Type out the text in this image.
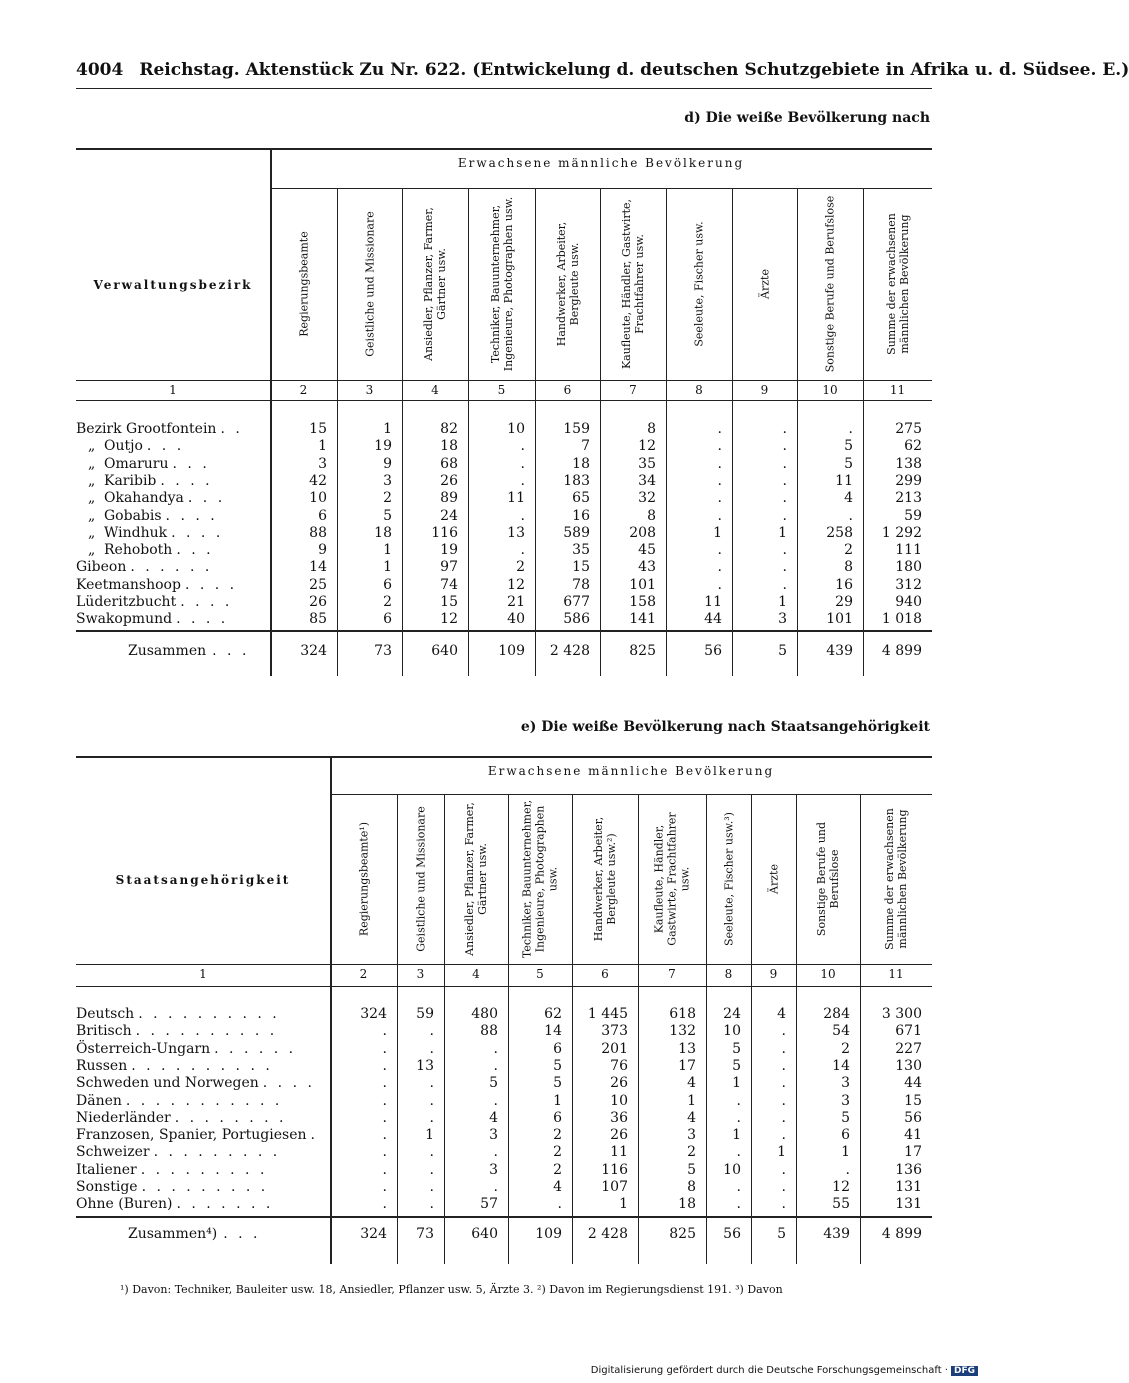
4004 Reichstag. Aktenstück Zu Nr. 622. (Entwickelung d. deutschen Schutzgebiete in Afrika u. d. Südsee. E.)
d) Die weiße Bevölkerung nach
Erwachsene männliche Bevölkerung
Verwaltungsbezirk	Regierungsbeamte	Geistliche und Missionare	Ansiedler, Pflanzer, Farmer, Gärtner usw.	Techniker, Bauunternehmer, Ingenieure, Photographen usw.	Handwerker, Arbeiter, Bergleute usw.	Kaufleute, Händler, Gastwirte, Frachtfahrer usw.	Seeleute, Fischer usw.	Ärzte	Sonstige Berufe und Berufslose	Summe der erwachsenen männlichen Bevölkerung
1	2	3	4	5	6	7	8	9	10	11
Bezirk Grootfontein . .	15	1	82	10	159	8	.	.	.	275
„ Outjo . . .	1	19	18	.	7	12	.	.	5	62
„ Omaruru . . .	3	9	68	.	18	35	.	.	5	138
„ Karibib . . . .	42	3	26	.	183	34	.	.	11	299
„ Okahandya . . .	10	2	89	11	65	32	.	.	4	213
„ Gobabis . . . .	6	5	24	.	16	8	.	.	.	59
„ Windhuk . . . .	88	18	116	13	589	208	1	1	258	1 292
„ Rehoboth . . .	9	1	19	.	35	45	.	.	2	111
Gibeon . . . . . .	14	1	97	2	15	43	.	.	8	180
Keetmanshoop . . . .	25	6	74	12	78	101	.	.	16	312
Lüderitzbucht . . . .	26	2	15	21	677	158	11	1	29	940
Swakopmund . . . .	85	6	12	40	586	141	44	3	101	1 018
Zusammen . . .	324	73	640	109	2 428	825	56	5	439	4 899
e) Die weiße Bevölkerung nach Staatsangehörigkeit
Erwachsene männliche Bevölkerung
Staatsangehörigkeit	Regierungsbeamte¹)	Geistliche und Missionare	Ansiedler, Pflanzer, Farmer, Gärtner usw.	Techniker, Bauunternehmer, Ingenieure, Photographen usw.	Handwerker, Arbeiter, Bergleute usw.²)	Kaufleute, Händler, Gastwirte, Frachtfahrer usw.	Seeleute, Fischer usw.³)	Ärzte	Sonstige Berufe und Berufslose	Summe der erwachsenen männlichen Bevölkerung
1	2	3	4	5	6	7	8	9	10	11
Deutsch . . . . . . . . . .	324	59	480	62	1 445	618	24	4	284	3 300
Britisch . . . . . . . . . .	.	.	88	14	373	132	10	.	54	671
Österreich-Ungarn . . . . . .	.	.	.	6	201	13	5	.	2	227
Russen . . . . . . . . . .	.	13	.	5	76	17	5	.	14	130
Schweden und Norwegen . . . .	.	.	5	5	26	4	1	.	3	44
Dänen . . . . . . . . . . .	.	.	.	1	10	1	.	.	3	15
Niederländer . . . . . . . .	.	.	4	6	36	4	.	.	5	56
Franzosen, Spanier, Portugiesen .	.	1	3	2	26	3	1	.	6	41
Schweizer . . . . . . . . .	.	.	.	2	11	2	.	1	1	17
Italiener . . . . . . . . .	.	.	3	2	116	5	10	.	.	136
Sonstige . . . . . . . . .	.	.	.	4	107	8	.	.	12	131
Ohne (Buren) . . . . . . .	.	.	57	.	1	18	.	.	55	131
Zusammen⁴) . . .	324	73	640	109	2 428	825	56	5	439	4 899
¹) Davon: Techniker, Bauleiter usw. 18, Ansiedler, Pflanzer usw. 5, Ärzte 3. ²) Davon im Regierungsdienst 191. ³) Davon
Digitalisierung gefördert durch die Deutsche Forschungsgemeinschaft · DFG
